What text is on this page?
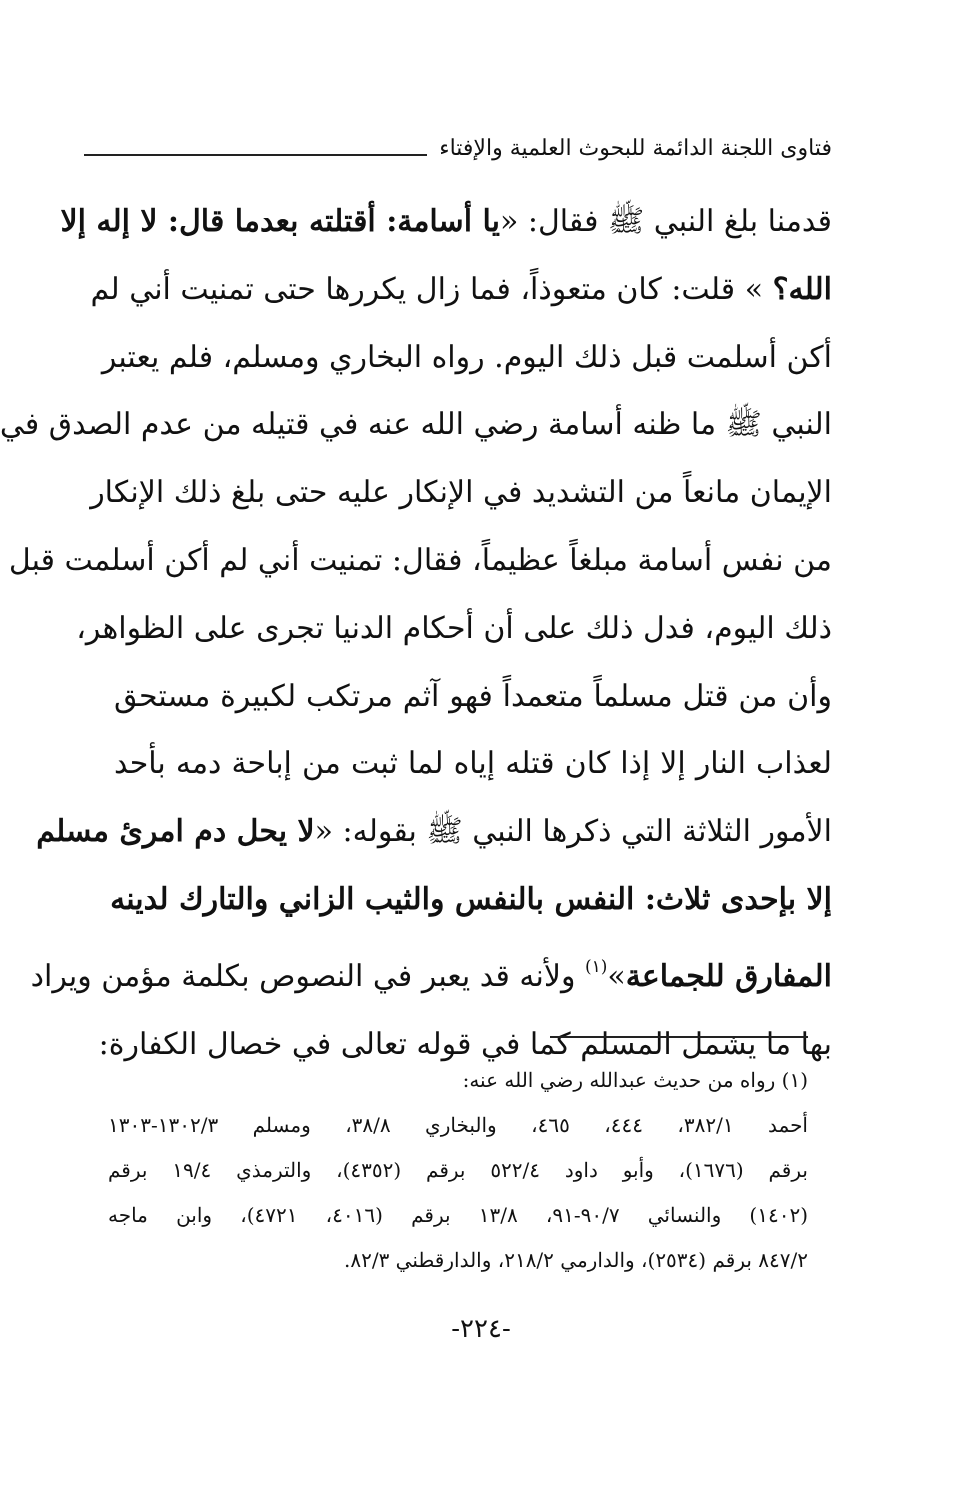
فتاوى اللجنة الدائمة للبحوث العلمية والإفتاء
قدمنا بلغ النبي ﷺ فقال: «يا أسامة: أقتلته بعدما قال: لا إله إلا
الله؟ » قلت: كان متعوذاً، فما زال يكررها حتى تمنيت أني لم
أكن أسلمت قبل ذلك اليوم. رواه البخاري ومسلم، فلم يعتبر
النبي ﷺ ما ظنه أسامة رضي الله عنه في قتيله من عدم الصدق في
الإيمان مانعاً من التشديد في الإنكار عليه حتى بلغ ذلك الإنكار
من نفس أسامة مبلغاً عظيماً، فقال: تمنيت أني لم أكن أسلمت قبل
ذلك اليوم، فدل ذلك على أن أحكام الدنيا تجرى على الظواهر،
وأن من قتل مسلماً متعمداً فهو آثم مرتكب لكبيرة مستحق
لعذاب النار إلا إذا كان قتله إياه لما ثبت من إباحة دمه بأحد
الأمور الثلاثة التي ذكرها النبي ﷺ بقوله: «لا يحل دم امرئ مسلم
إلا بإحدى ثلاث: النفس بالنفس والثيب الزاني والتارك لدينه
المفارق للجماعة»$^{(١)}$ ولأنه قد يعبر في النصوص بكلمة مؤمن ويراد
بها ما يشمل المسلم كما في قوله تعالى في خصال الكفارة:
(١) رواه من حديث عبدالله رضي الله عنه:
أحمد ٣٨٢/١، ٤٤٤، ٤٦٥، والبخاري ٣٨/٨، ومسلم ١٣٠٢/٣-١٣٠٣
برقم (١٦٧٦)، وأبو داود ٥٢٢/٤ برقم (٤٣٥٢)، والترمذي ١٩/٤ برقم
(١٤٠٢) والنسائي ٩٠/٧-٩١، ١٣/٨ برقم (٤٠١٦، ٤٧٢١)، وابن ماجه
٨٤٧/٢ برقم (٢٥٣٤)، والدارمي ٢١٨/٢، والدارقطني ٨٢/٣.
-٢٢٤-
